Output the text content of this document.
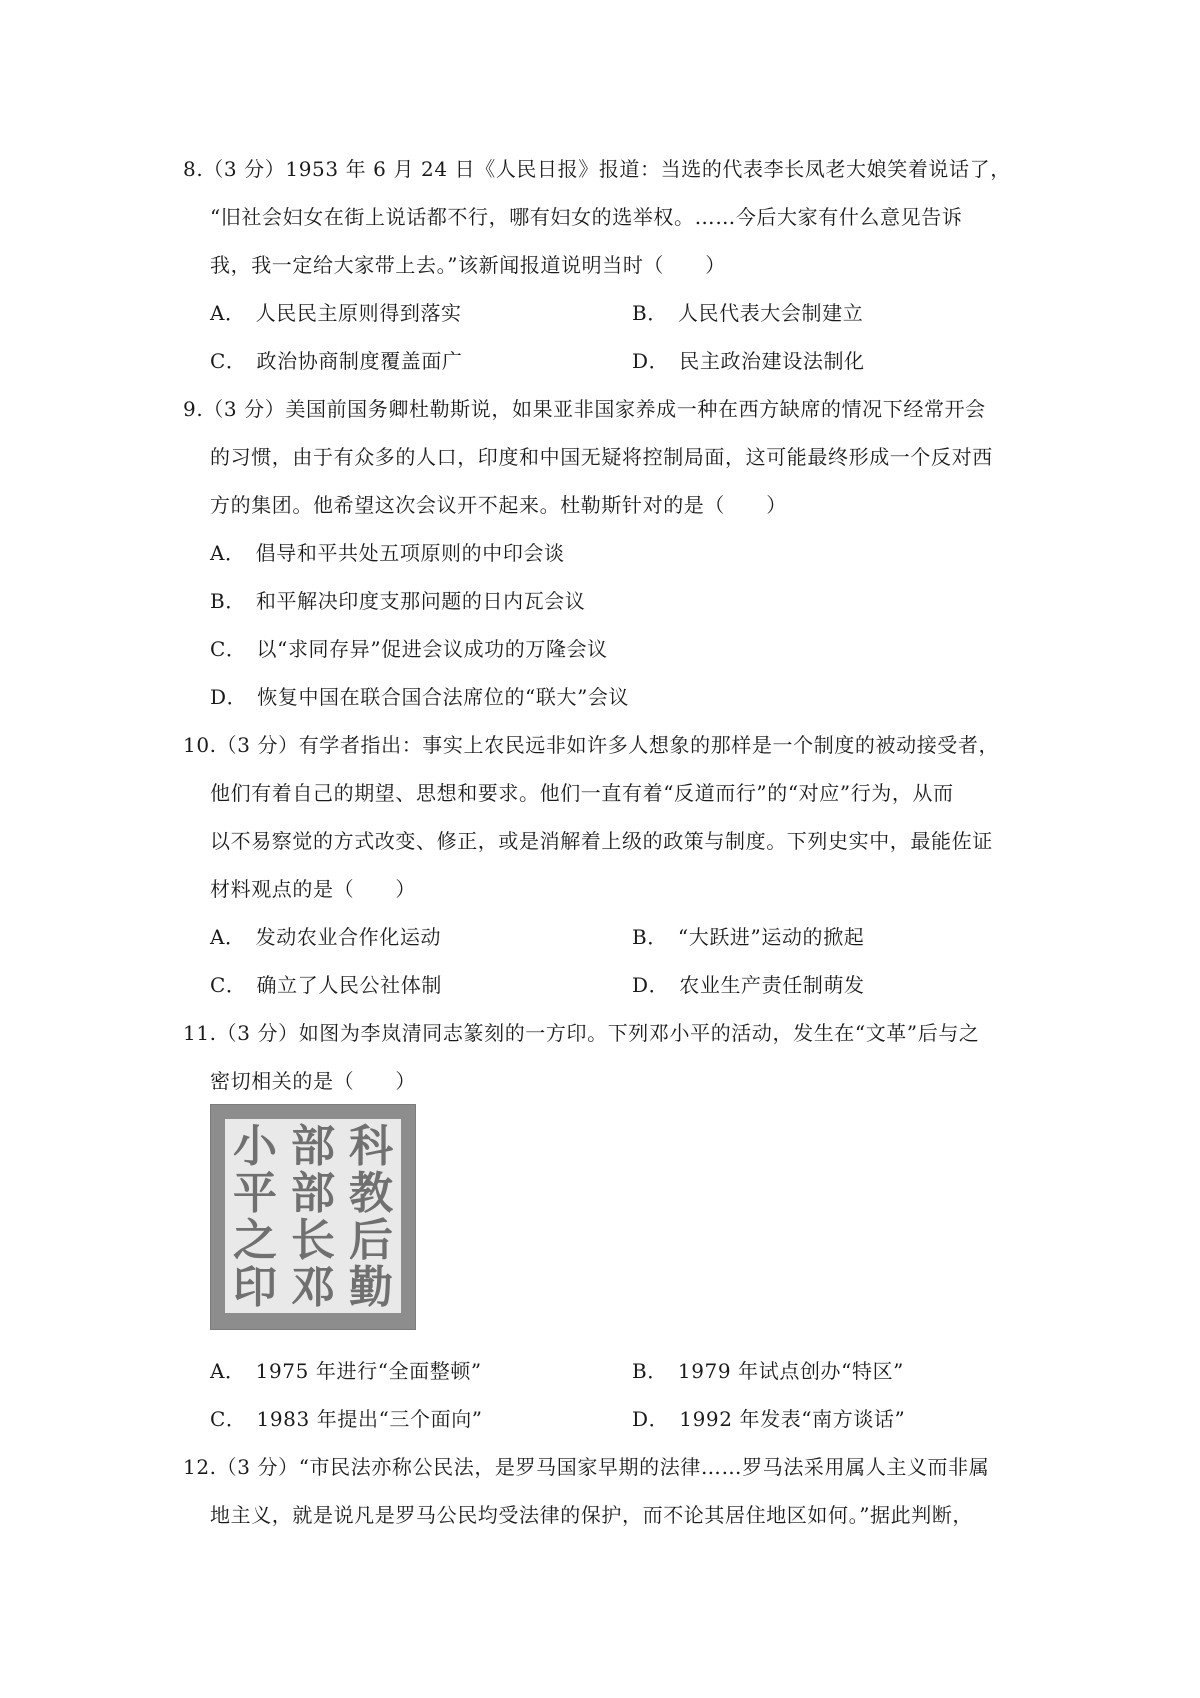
8.（3 分）1953 年 6 月 24 日《人民日报》报道：当选的代表李长凤老大娘笑着说话了，
“旧社会妇女在街上说话都不行，哪有妇女的选举权。……今后大家有什么意见告诉
我，我一定给大家带上去。”该新闻报道说明当时（　　）
A． 人民民主原则得到落实	B． 人民代表大会制建立
C． 政治协商制度覆盖面广	D． 民主政治建设法制化
9.（3 分）美国前国务卿杜勒斯说，如果亚非国家养成一种在西方缺席的情况下经常开会
的习惯，由于有众多的人口，印度和中国无疑将控制局面，这可能最终形成一个反对西
方的集团。他希望这次会议开不起来。杜勒斯针对的是（　　）
A． 倡导和平共处五项原则的中印会谈
B． 和平解决印度支那问题的日内瓦会议
C． 以“求同存异”促进会议成功的万隆会议
D． 恢复中国在联合国合法席位的“联大”会议
10.（3 分）有学者指出：事实上农民远非如许多人想象的那样是一个制度的被动接受者，
他们有着自己的期望、思想和要求。他们一直有着“反道而行”的“对应”行为，从而
以不易察觉的方式改变、修正，或是消解着上级的政策与制度。下列史实中，最能佐证
材料观点的是（　　）
A． 发动农业合作化运动	B． “大跃进”运动的掀起
C． 确立了人民公社体制	D． 农业生产责任制萌发
11.（3 分）如图为李岚清同志篆刻的一方印。下列邓小平的活动，发生在“文革”后与之
密切相关的是（　　）
科
教
后
勤
部
部
长
邓
小
平
之
印
A． 1975 年进行“全面整顿”	B． 1979 年试点创办“特区”
C． 1983 年提出“三个面向”	D． 1992 年发表“南方谈话”
12.（3 分）“市民法亦称公民法，是罗马国家早期的法律……罗马法采用属人主义而非属
地主义，就是说凡是罗马公民均受法律的保护，而不论其居住地区如何。”据此判断，
